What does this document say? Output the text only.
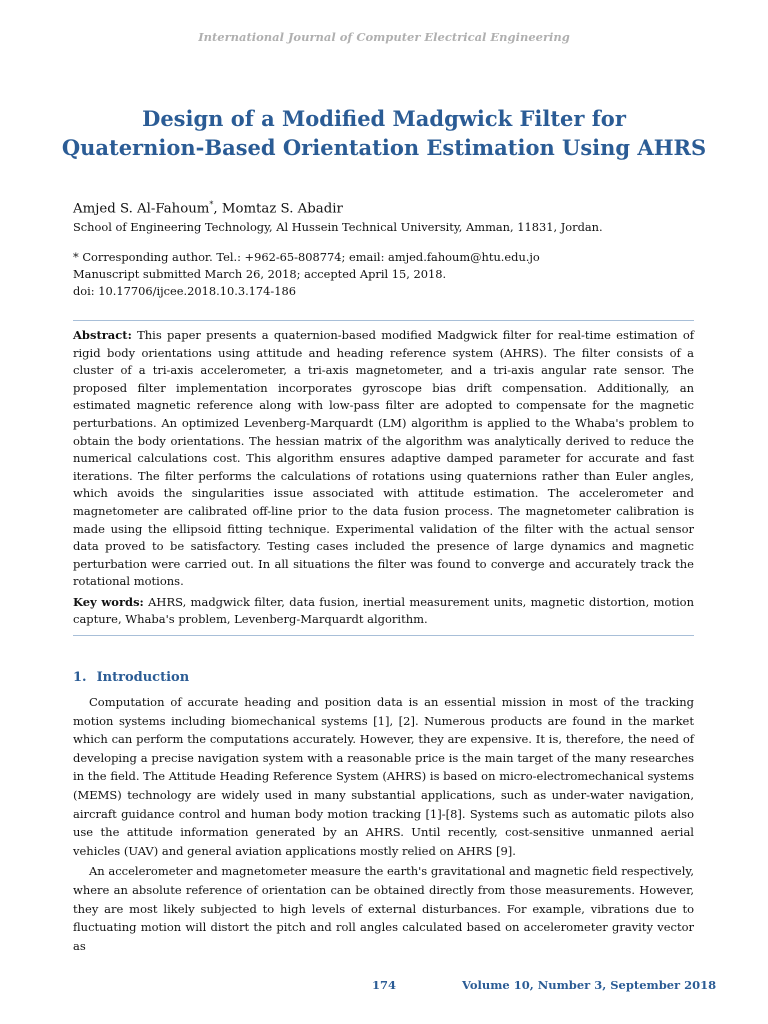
International Journal of Computer Electrical Engineering
Design of a Modified Madgwick Filter for
Quaternion-Based Orientation Estimation Using AHRS
Amjed S. Al-Fahoum*, Momtaz S. Abadir
School of Engineering Technology, Al Hussein Technical University, Amman, 11831, Jordan.
* Corresponding author. Tel.: +962-65-808774; email: amjed.fahoum@htu.edu.jo
Manuscript submitted March 26, 2018; accepted April 15, 2018.
doi: 10.17706/ijcee.2018.10.3.174-186
Abstract: This paper presents a quaternion-based modified Madgwick filter for real-time estimation of rigid body orientations using attitude and heading reference system (AHRS). The filter consists of a cluster of a tri-axis accelerometer, a tri-axis magnetometer, and a tri-axis angular rate sensor. The proposed filter implementation incorporates gyroscope bias drift compensation. Additionally, an estimated magnetic reference along with low-pass filter are adopted to compensate for the magnetic perturbations. An optimized Levenberg-Marquardt (LM) algorithm is applied to the Whaba's problem to obtain the body orientations. The hessian matrix of the algorithm was analytically derived to reduce the numerical calculations cost. This algorithm ensures adaptive damped parameter for accurate and fast iterations. The filter performs the calculations of rotations using quaternions rather than Euler angles, which avoids the singularities issue associated with attitude estimation. The accelerometer and magnetometer are calibrated off-line prior to the data fusion process. The magnetometer calibration is made using the ellipsoid fitting technique. Experimental validation of the filter with the actual sensor data proved to be satisfactory. Testing cases included the presence of large dynamics and magnetic perturbation were carried out. In all situations the filter was found to converge and accurately track the rotational motions.
Key words: AHRS, madgwick filter, data fusion, inertial measurement units, magnetic distortion, motion capture, Whaba's problem, Levenberg-Marquardt algorithm.
1. Introduction

Computation of accurate heading and position data is an essential mission in most of the tracking motion systems including biomechanical systems [1], [2]. Numerous products are found in the market which can perform the computations accurately. However, they are expensive. It is, therefore, the need of developing a precise navigation system with a reasonable price is the main target of the many researches in the field. The Attitude Heading Reference System (AHRS) is based on micro-electromechanical systems (MEMS) technology are widely used in many substantial applications, such as under-water navigation, aircraft guidance control and human body motion tracking [1]-[8]. Systems such as automatic pilots also use the attitude information generated by an AHRS. Until recently, cost-sensitive unmanned aerial vehicles (UAV) and general aviation applications mostly relied on AHRS [9].

An accelerometer and magnetometer measure the earth's gravitational and magnetic field respectively, where an absolute reference of orientation can be obtained directly from those measurements. However, they are most likely subjected to high levels of external disturbances. For example, vibrations due to fluctuating motion will distort the pitch and roll angles calculated based on accelerometer gravity vector as

174	Volume 10, Number 3, September 2018
